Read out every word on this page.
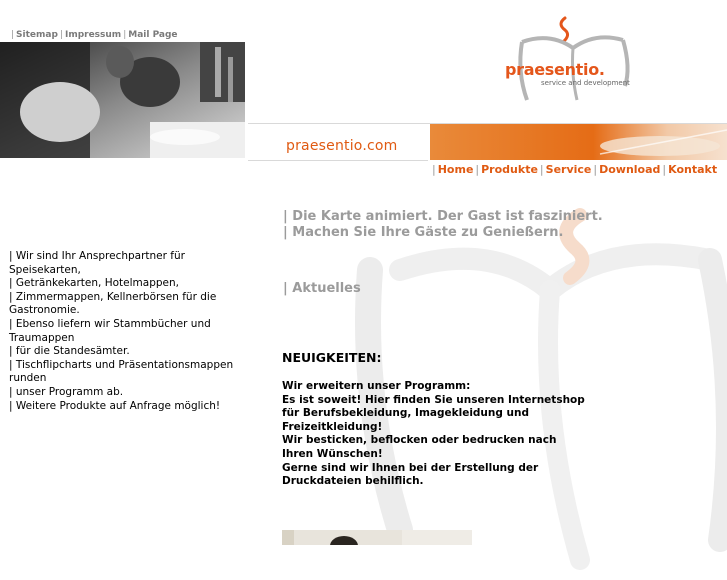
| Sitemap | Impressum | Mail Page
praesentio.
service and development
praesentio.com
| Home | Produkte | Service | Download | Kontakt
| Die Karte animiert. Der Gast ist fasziniert.
| Machen Sie Ihre Gäste zu Genießern.
| Aktuelles
| Wir sind Ihr Ansprechpartner für Speisekarten,
| Getränkekarten, Hotelmappen,
| Zimmermappen, Kellnerbörsen für die Gastronomie.
| Ebenso liefern wir Stammbücher und Traumappen
| für die Standesämter.
| Tischflipcharts und Präsentationsmappen runden
| unser Programm ab.
| Weitere Produkte auf Anfrage möglich!
NEUIGKEITEN:
Wir erweitern unser Programm:
Es ist soweit! Hier finden Sie unseren Internetshop
für Berufsbekleidung, Imagekleidung und
Freizeitkleidung!
Wir besticken, beflocken oder bedrucken nach
Ihren Wünschen!
Gerne sind wir Ihnen bei der Erstellung der
Druckdateien behilflich.
